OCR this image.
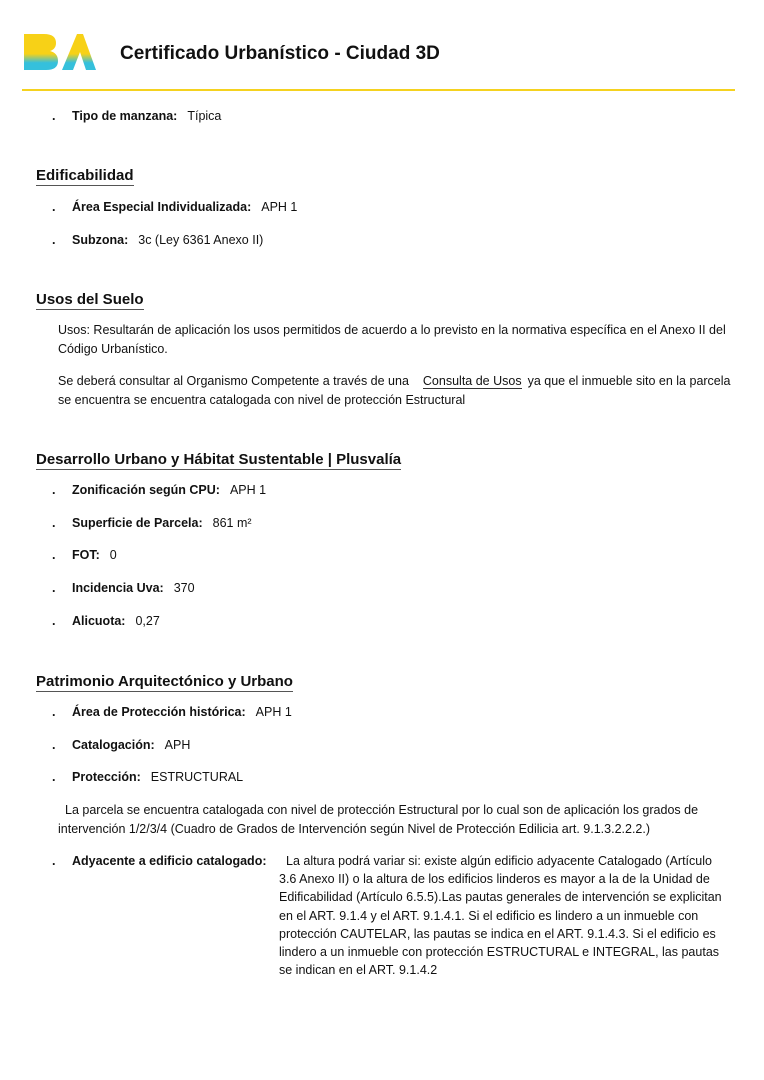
Certificado Urbanístico - Ciudad 3D
. Tipo de manzana: Típica
Edificabilidad
. Área Especial Individualizada: APH 1
. Subzona: 3c (Ley 6361 Anexo II)
Usos del Suelo
Usos: Resultarán de aplicación los usos permitidos de acuerdo a lo previsto en la normativa específica en el Anexo II del Código Urbanístico.
Se deberá consultar al Organismo Competente a través de una Consulta de Usos ya que el inmueble sito en la parcela se encuentra se encuentra catalogada con nivel de protección Estructural
Desarrollo Urbano y Hábitat Sustentable | Plusvalía
. Zonificación según CPU: APH 1
. Superficie de Parcela: 861 m²
. FOT: 0
. Incidencia Uva: 370
. Alicuota: 0,27
Patrimonio Arquitectónico y Urbano
. Área de Protección histórica: APH 1
. Catalogación: APH
. Protección: ESTRUCTURAL
La parcela se encuentra catalogada con nivel de protección Estructural por lo cual son de aplicación los grados de intervención 1/2/3/4 (Cuadro de Grados de Intervención según Nivel de Protección Edilicia art. 9.1.3.2.2.2.)
. Adyacente a edificio catalogado:	La altura podrá variar si: existe algún edificio adyacente Catalogado (Artículo 3.6 Anexo II) o la altura de los edificios linderos es mayor a la de la Unidad de Edificabilidad (Artículo 6.5.5).Las pautas generales de intervención se explicitan en el ART. 9.1.4 y el ART. 9.1.4.1. Si el edificio es lindero a un inmueble con protección CAUTELAR, las pautas se indica en el ART. 9.1.4.3. Si el edificio es lindero a un inmueble con protección ESTRUCTURAL e INTEGRAL, las pautas se indican en el ART. 9.1.4.2
